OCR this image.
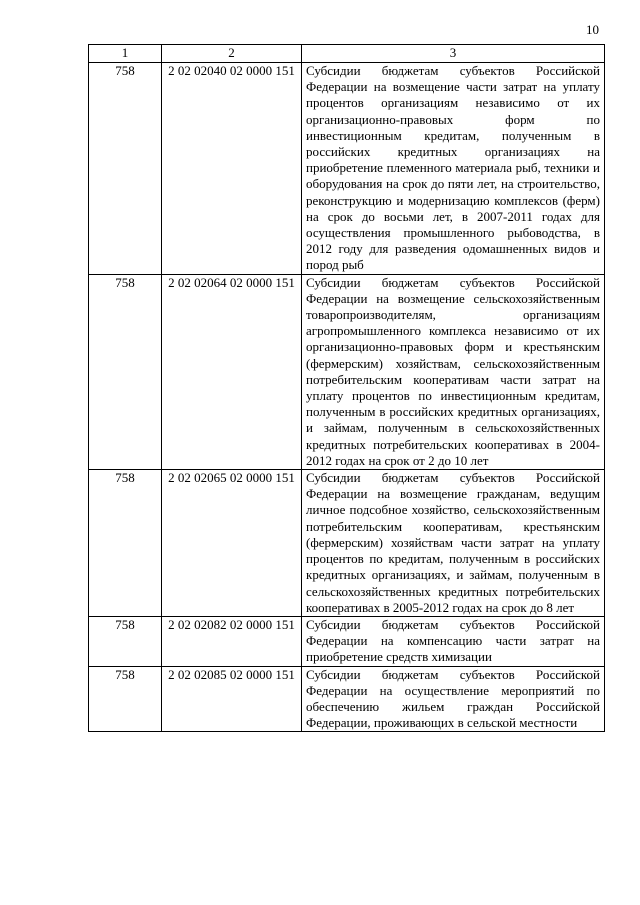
10
1	2	3
758	2 02 02040 02 0000 151	Субсидии бюджетам субъектов Российской Федерации на возмещение части затрат на уплату процентов организациям независимо от их организационно-правовых форм по инвестиционным кредитам, полученным в российских кредитных организациях на приобретение племенного материала рыб, техники и оборудования на срок до пяти лет, на строительство, реконструкцию и модернизацию комплексов (ферм) на срок до восьми лет, в 2007-2011 годах для осуществления промышленного рыбоводства, в 2012 году для разведения одомашненных видов и пород рыб
758	2 02 02064 02 0000 151	Субсидии бюджетам субъектов Российской Федерации на возмещение сельскохозяйственным товаропроизводителям, организациям агропромышленного комплекса независимо от их организационно-правовых форм и крестьянским (фермерским) хозяйствам, сельскохозяйственным потребительским кооперативам части затрат на уплату процентов по инвестиционным кредитам, полученным в российских кредитных организациях, и займам, полученным в сельскохозяйственных кредитных потребительских кооперативах в 2004-2012 годах на срок от 2 до 10 лет
758	2 02 02065 02 0000 151	Субсидии бюджетам субъектов Российской Федерации на возмещение гражданам, ведущим личное подсобное хозяйство, сельскохозяйственным потребительским кооперативам, крестьянским (фермерским) хозяйствам части затрат на уплату процентов по кредитам, полученным в российских кредитных организациях, и займам, полученным в сельскохозяйственных кредитных потребительских кооперативах в 2005-2012 годах на срок до 8 лет
758	2 02 02082 02 0000 151	Субсидии бюджетам субъектов Российской Федерации на компенсацию части затрат на приобретение средств химизации
758	2 02 02085 02 0000 151	Субсидии бюджетам субъектов Российской Федерации на осуществление мероприятий по обеспечению жильем граждан Российской Федерации, проживающих в сельской местности
